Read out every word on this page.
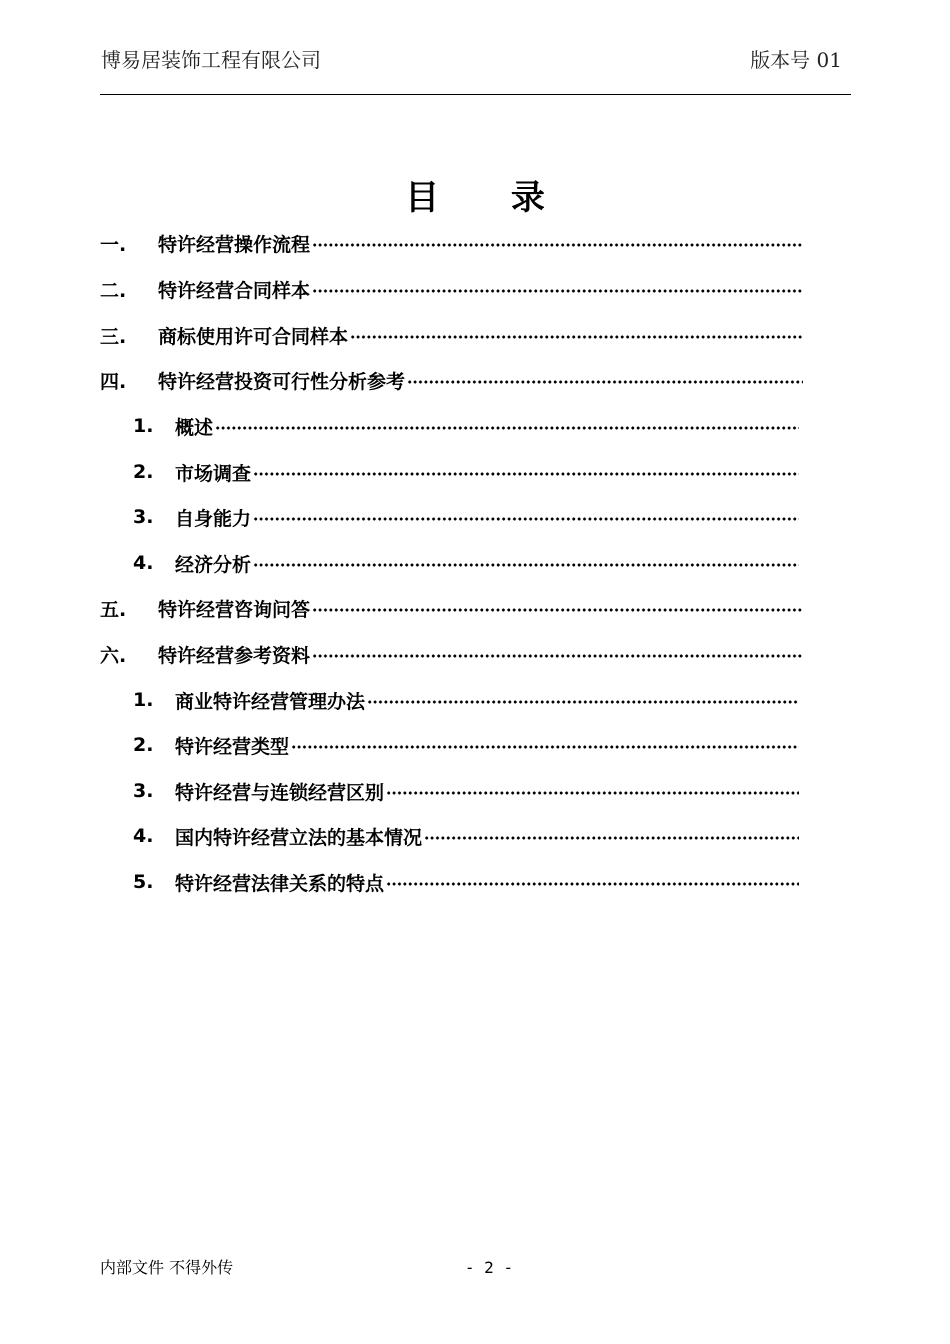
博易居装饰工程有限公司	版本号 01
目 录
一.	特许经营操作流程
二.	特许经营合同样本
三.	商标使用许可合同样本
四.	特许经营投资可行性分析参考
1.	概述
2.	市场调查
3.	自身能力
4.	经济分析
五.	特许经营咨询问答
六.	特许经营参考资料
1.	商业特许经营管理办法
2.	特许经营类型
3.	特许经营与连锁经营区别
4.	国内特许经营立法的基本情况
5.	特许经营法律关系的特点
内部文件 不得外传	- 2 -
